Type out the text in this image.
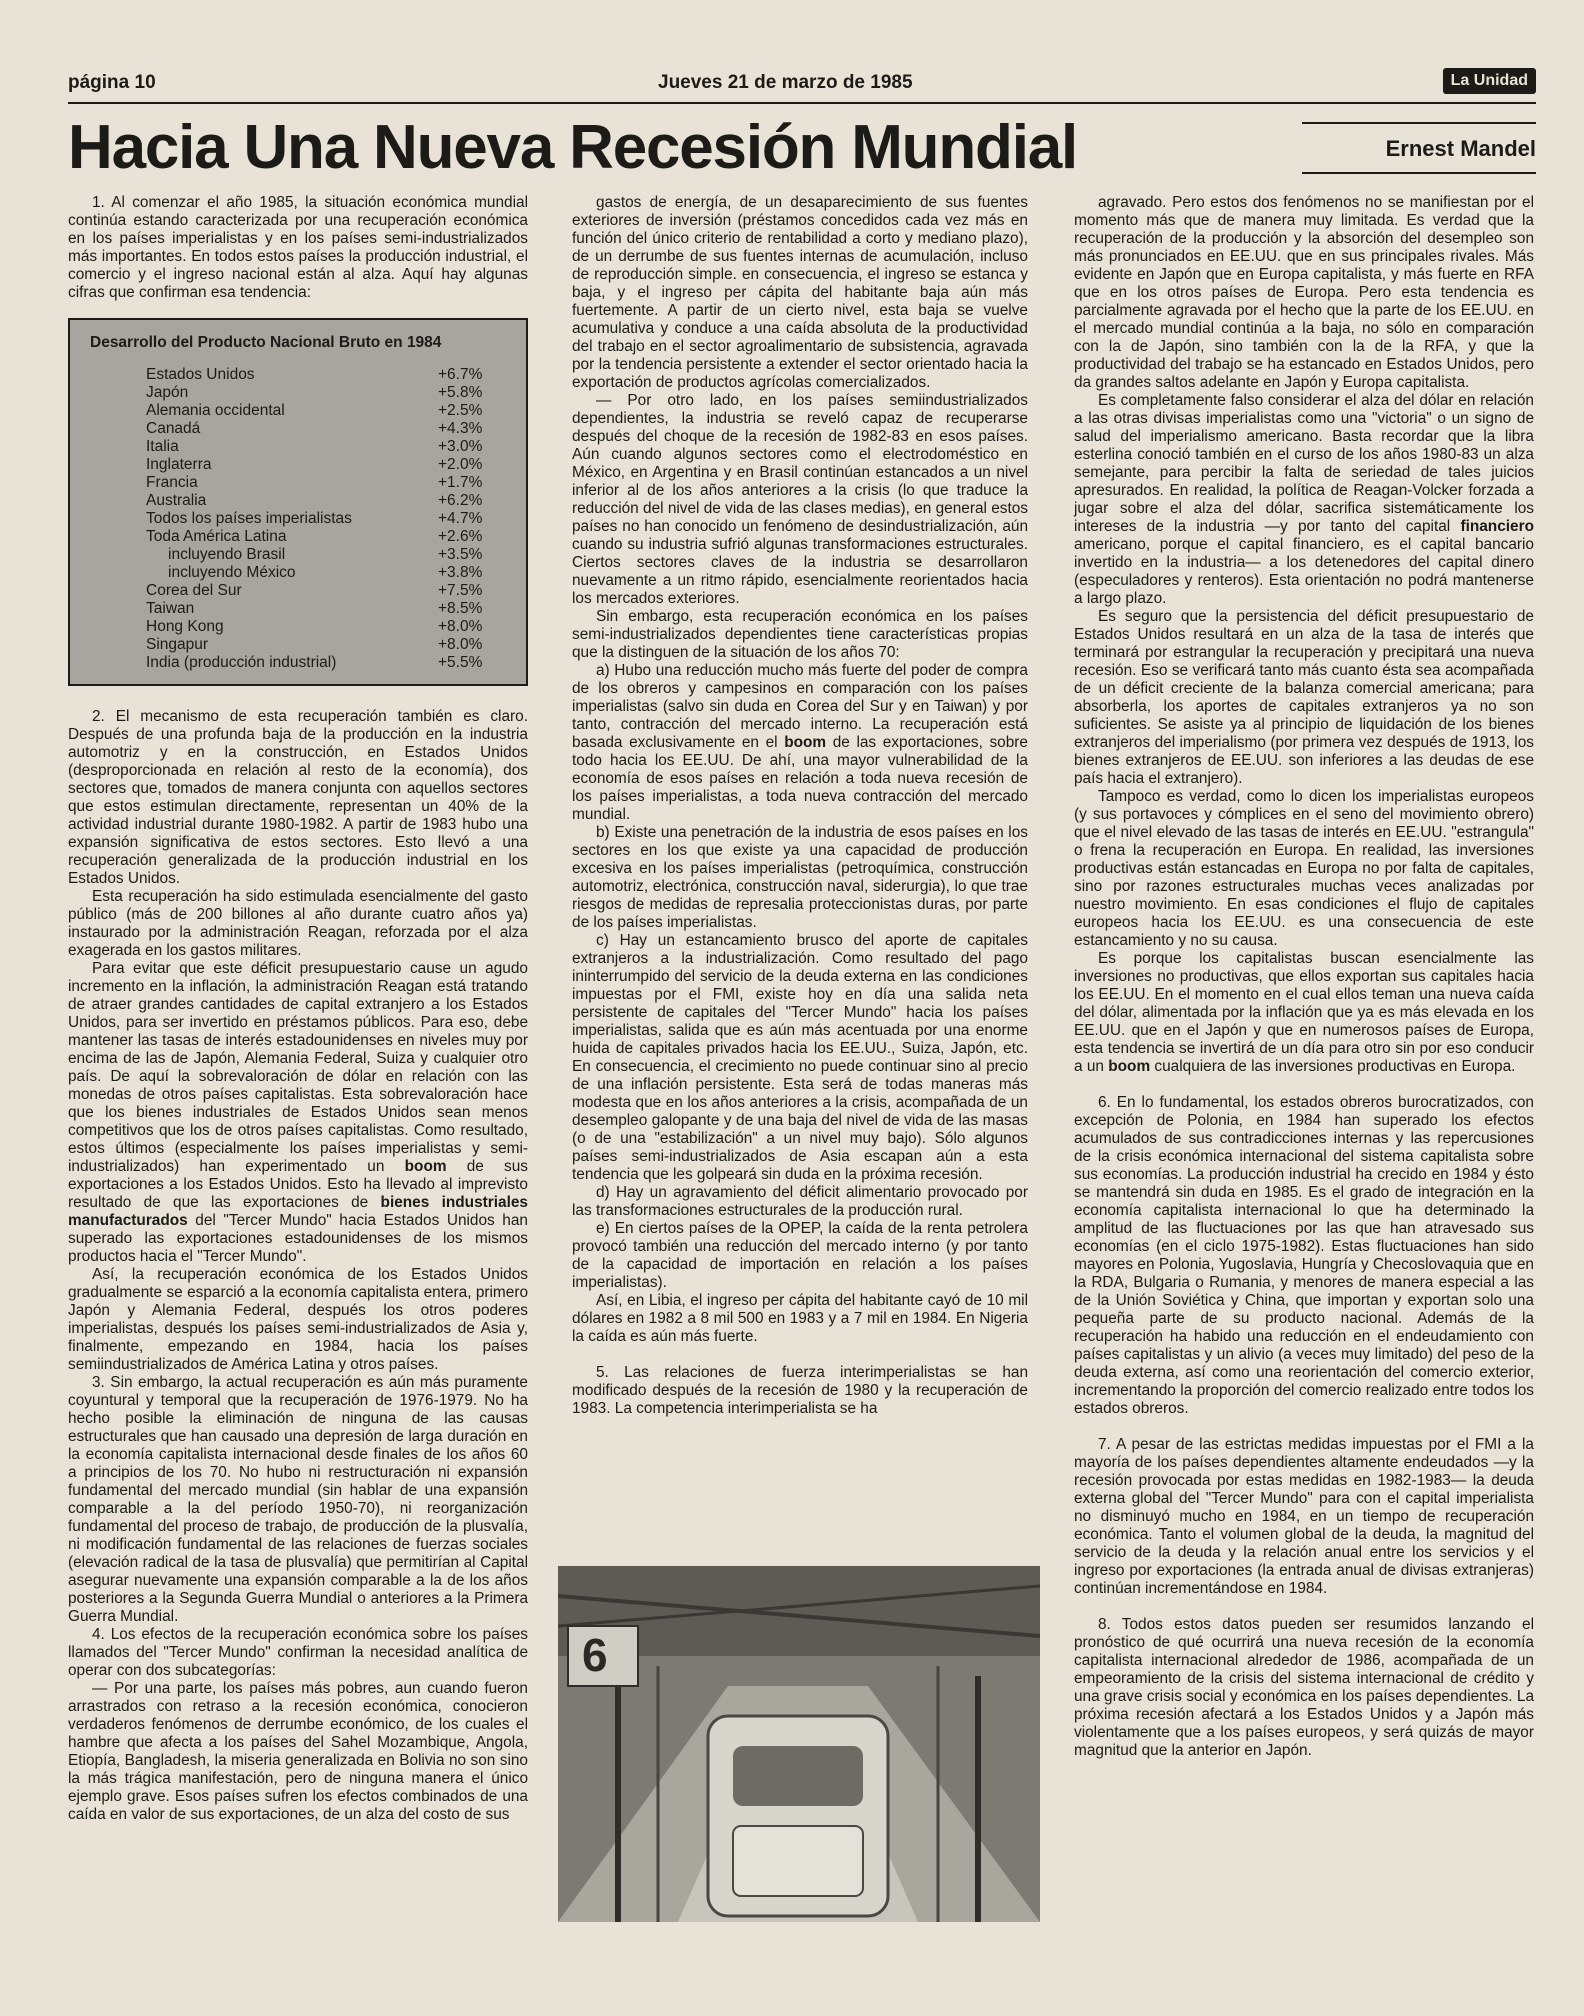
página 10	Jueves 21 de marzo de 1985	La Unidad
Hacia Una Nueva Recesión Mundial	Ernest Mandel

1. Al comenzar el año 1985, la situación económica mundial continúa estando caracterizada por una recuperación económica en los países imperialistas y en los países semi-industrializados más importantes. En todos estos países la producción industrial, el comercio y el ingreso nacional están al alza. Aquí hay algunas cifras que confirman esa tendencia:

Desarrollo del Producto Nacional Bruto en 1984
Estados Unidos	+6.7%
Japón	+5.8%
Alemania occidental	+2.5%
Canadá	+4.3%
Italia	+3.0%
Inglaterra	+2.0%
Francia	+1.7%
Australia	+6.2%
Todos los países imperialistas	+4.7%
Toda América Latina	+2.6%
incluyendo Brasil	+3.5%
incluyendo México	+3.8%
Corea del Sur	+7.5%
Taiwan	+8.5%
Hong Kong	+8.0%
Singapur	+8.0%
India (producción industrial)	+5.5%

2. El mecanismo de esta recuperación también es claro. Después de una profunda baja de la producción en la industria automotriz y en la construcción, en Estados Unidos (desproporcionada en relación al resto de la economía), dos sectores que, tomados de manera conjunta con aquellos sectores que estos estimulan directamente, representan un 40% de la actividad industrial durante 1980-1982. A partir de 1983 hubo una expansión significativa de estos sectores. Esto llevó a una recuperación generalizada de la producción industrial en los Estados Unidos.

Esta recuperación ha sido estimulada esencialmente del gasto público (más de 200 billones al año durante cuatro años ya) instaurado por la administración Reagan, reforzada por el alza exagerada en los gastos militares.

Para evitar que este déficit presupuestario cause un agudo incremento en la inflación, la administración Reagan está tratando de atraer grandes cantidades de capital extranjero a los Estados Unidos, para ser invertido en préstamos públicos. Para eso, debe mantener las tasas de interés estadounidenses en niveles muy por encima de las de Japón, Alemania Federal, Suiza y cualquier otro país. De aquí la sobrevaloración de dólar en relación con las monedas de otros países capitalistas. Esta sobrevaloración hace que los bienes industriales de Estados Unidos sean menos competitivos que los de otros países capitalistas. Como resultado, estos últimos (especialmente los países imperialistas y semi-industrializados) han experimentado un boom de sus exportaciones a los Estados Unidos. Esto ha llevado al imprevisto resultado de que las exportaciones de bienes industriales manufacturados del "Tercer Mundo" hacia Estados Unidos han superado las exportaciones estadounidenses de los mismos productos hacia el "Tercer Mundo".

Así, la recuperación económica de los Estados Unidos gradualmente se esparció a la economía capitalista entera, primero Japón y Alemania Federal, después los otros poderes imperialistas, después los países semi-industrializados de Asia y, finalmente, empezando en 1984, hacia los países semiindustrializados de América Latina y otros países.

3. Sin embargo, la actual recuperación es aún más puramente coyuntural y temporal que la recuperación de 1976-1979. No ha hecho posible la eliminación de ninguna de las causas estructurales que han causado una depresión de larga duración en la economía capitalista internacional desde finales de los años 60 a principios de los 70. No hubo ni restructuración ni expansión fundamental del mercado mundial (sin hablar de una expansión comparable a la del período 1950-70), ni reorganización fundamental del proceso de trabajo, de producción de la plusvalía, ni modificación fundamental de las relaciones de fuerzas sociales (elevación radical de la tasa de plusvalía) que permitirían al Capital asegurar nuevamente una expansión comparable a la de los años posteriores a la Segunda Guerra Mundial o anteriores a la Primera Guerra Mundial.

4. Los efectos de la recuperación económica sobre los países llamados del "Tercer Mundo" confirman la necesidad analítica de operar con dos subcategorías:

— Por una parte, los países más pobres, aun cuando fueron arrastrados con retraso a la recesión económica, conocieron verdaderos fenómenos de derrumbe económico, de los cuales el hambre que afecta a los países del Sahel Mozambique, Angola, Etiopía, Bangladesh, la miseria generalizada en Bolivia no son sino la más trágica manifestación, pero de ninguna manera el único ejemplo grave. Esos países sufren los efectos combinados de una caída en valor de sus exportaciones, de un alza del costo de sus

gastos de energía, de un desaparecimiento de sus fuentes exteriores de inversión (préstamos concedidos cada vez más en función del único criterio de rentabilidad a corto y mediano plazo), de un derrumbe de sus fuentes internas de acumulación, incluso de reproducción simple. en consecuencia, el ingreso se estanca y baja, y el ingreso per cápita del habitante baja aún más fuertemente. A partir de un cierto nivel, esta baja se vuelve acumulativa y conduce a una caída absoluta de la productividad del trabajo en el sector agroalimentario de subsistencia, agravada por la tendencia persistente a extender el sector orientado hacia la exportación de productos agrícolas comercializados.

— Por otro lado, en los países semiindustrializados dependientes, la industria se reveló capaz de recuperarse después del choque de la recesión de 1982-83 en esos países. Aún cuando algunos sectores como el electrodoméstico en México, en Argentina y en Brasil continúan estancados a un nivel inferior al de los años anteriores a la crisis (lo que traduce la reducción del nivel de vida de las clases medias), en general estos países no han conocido un fenómeno de desindustrialización, aún cuando su industria sufrió algunas transformaciones estructurales. Ciertos sectores claves de la industria se desarrollaron nuevamente a un ritmo rápido, esencialmente reorientados hacia los mercados exteriores.

Sin embargo, esta recuperación económica en los países semi-industrializados dependientes tiene características propias que la distinguen de la situación de los años 70:

a) Hubo una reducción mucho más fuerte del poder de compra de los obreros y campesinos en comparación con los países imperialistas (salvo sin duda en Corea del Sur y en Taiwan) y por tanto, contracción del mercado interno. La recuperación está basada exclusivamente en el boom de las exportaciones, sobre todo hacia los EE.UU. De ahí, una mayor vulnerabilidad de la economía de esos países en relación a toda nueva recesión de los países imperialistas, a toda nueva contracción del mercado mundial.

b) Existe una penetración de la industria de esos países en los sectores en los que existe ya una capacidad de producción excesiva en los países imperialistas (petroquímica, construcción automotriz, electrónica, construcción naval, siderurgia), lo que trae riesgos de medidas de represalia proteccionistas duras, por parte de los países imperialistas.

c) Hay un estancamiento brusco del aporte de capitales extranjeros a la industrialización. Como resultado del pago ininterrumpido del servicio de la deuda externa en las condiciones impuestas por el FMI, existe hoy en día una salida neta persistente de capitales del "Tercer Mundo" hacia los países imperialistas, salida que es aún más acentuada por una enorme huida de capitales privados hacia los EE.UU., Suiza, Japón, etc. En consecuencia, el crecimiento no puede continuar sino al precio de una inflación persistente. Esta será de todas maneras más modesta que en los años anteriores a la crisis, acompañada de un desempleo galopante y de una baja del nivel de vida de las masas (o de una "estabilización" a un nivel muy bajo). Sólo algunos países semi-industrializados de Asia escapan aún a esta tendencia que les golpeará sin duda en la próxima recesión.

d) Hay un agravamiento del déficit alimentario provocado por las transformaciones estructurales de la producción rural.

e) En ciertos países de la OPEP, la caída de la renta petrolera provocó también una reducción del mercado interno (y por tanto de la capacidad de importación en relación a los países imperialistas).

Así, en Libia, el ingreso per cápita del habitante cayó de 10 mil dólares en 1982 a 8 mil 500 en 1983 y a 7 mil en 1984. En Nigeria la caída es aún más fuerte.

5. Las relaciones de fuerza interimperialistas se han modificado después de la recesión de 1980 y la recuperación de 1983. La competencia interimperialista se ha

6

agravado. Pero estos dos fenómenos no se manifiestan por el momento más que de manera muy limitada. Es verdad que la recuperación de la producción y la absorción del desempleo son más pronunciados en EE.UU. que en sus principales rivales. Más evidente en Japón que en Europa capitalista, y más fuerte en RFA que en los otros países de Europa. Pero esta tendencia es parcialmente agravada por el hecho que la parte de los EE.UU. en el mercado mundial continúa a la baja, no sólo en comparación con la de Japón, sino también con la de la RFA, y que la productividad del trabajo se ha estancado en Estados Unidos, pero da grandes saltos adelante en Japón y Europa capitalista.

Es completamente falso considerar el alza del dólar en relación a las otras divisas imperialistas como una "victoria" o un signo de salud del imperialismo americano. Basta recordar que la libra esterlina conoció también en el curso de los años 1980-83 un alza semejante, para percibir la falta de seriedad de tales juicios apresurados. En realidad, la política de Reagan-Volcker forzada a jugar sobre el alza del dólar, sacrifica sistemáticamente los intereses de la industria —y por tanto del capital financiero americano, porque el capital financiero, es el capital bancario invertido en la industria— a los detenedores del capital dinero (especuladores y renteros). Esta orientación no podrá mantenerse a largo plazo.

Es seguro que la persistencia del déficit presupuestario de Estados Unidos resultará en un alza de la tasa de interés que terminará por estrangular la recuperación y precipitará una nueva recesión. Eso se verificará tanto más cuanto ésta sea acompañada de un déficit creciente de la balanza comercial americana; para absorberla, los aportes de capitales extranjeros ya no son suficientes. Se asiste ya al principio de liquidación de los bienes extranjeros del imperialismo (por primera vez después de 1913, los bienes extranjeros de EE.UU. son inferiores a las deudas de ese país hacia el extranjero).

Tampoco es verdad, como lo dicen los imperialistas europeos (y sus portavoces y cómplices en el seno del movimiento obrero) que el nivel elevado de las tasas de interés en EE.UU. "estrangula" o frena la recuperación en Europa. En realidad, las inversiones productivas están estancadas en Europa no por falta de capitales, sino por razones estructurales muchas veces analizadas por nuestro movimiento. En esas condiciones el flujo de capitales europeos hacia los EE.UU. es una consecuencia de este estancamiento y no su causa.

Es porque los capitalistas buscan esencialmente las inversiones no productivas, que ellos exportan sus capitales hacia los EE.UU. En el momento en el cual ellos teman una nueva caída del dólar, alimentada por la inflación que ya es más elevada en los EE.UU. que en el Japón y que en numerosos países de Europa, esta tendencia se invertirá de un día para otro sin por eso conducir a un boom cualquiera de las inversiones productivas en Europa.

6. En lo fundamental, los estados obreros burocratizados, con excepción de Polonia, en 1984 han superado los efectos acumulados de sus contradicciones internas y las repercusiones de la crisis económica internacional del sistema capitalista sobre sus economías. La producción industrial ha crecido en 1984 y ésto se mantendrá sin duda en 1985. Es el grado de integración en la economía capitalista internacional lo que ha determinado la amplitud de las fluctuaciones por las que han atravesado sus economías (en el ciclo 1975-1982). Estas fluctuaciones han sido mayores en Polonia, Yugoslavia, Hungría y Checoslovaquia que en la RDA, Bulgaria o Rumania, y menores de manera especial a las de la Unión Soviética y China, que importan y exportan solo una pequeña parte de su producto nacional. Además de la recuperación ha habido una reducción en el endeudamiento con países capitalistas y un alivio (a veces muy limitado) del peso de la deuda externa, así como una reorientación del comercio exterior, incrementando la proporción del comercio realizado entre todos los estados obreros.

7. A pesar de las estrictas medidas impuestas por el FMI a la mayoría de los países dependientes altamente endeudados —y la recesión provocada por estas medidas en 1982-1983— la deuda externa global del "Tercer Mundo" para con el capital imperialista no disminuyó mucho en 1984, en un tiempo de recuperación económica. Tanto el volumen global de la deuda, la magnitud del servicio de la deuda y la relación anual entre los servicios y el ingreso por exportaciones (la entrada anual de divisas extranjeras) continúan incrementándose en 1984.

8. Todos estos datos pueden ser resumidos lanzando el pronóstico de qué ocurrirá una nueva recesión de la economía capitalista internacional alrededor de 1986, acompañada de un empeoramiento de la crisis del sistema internacional de crédito y una grave crisis social y económica en los países dependientes. La próxima recesión afectará a los Estados Unidos y a Japón más violentamente que a los países europeos, y será quizás de mayor magnitud que la anterior en Japón.
